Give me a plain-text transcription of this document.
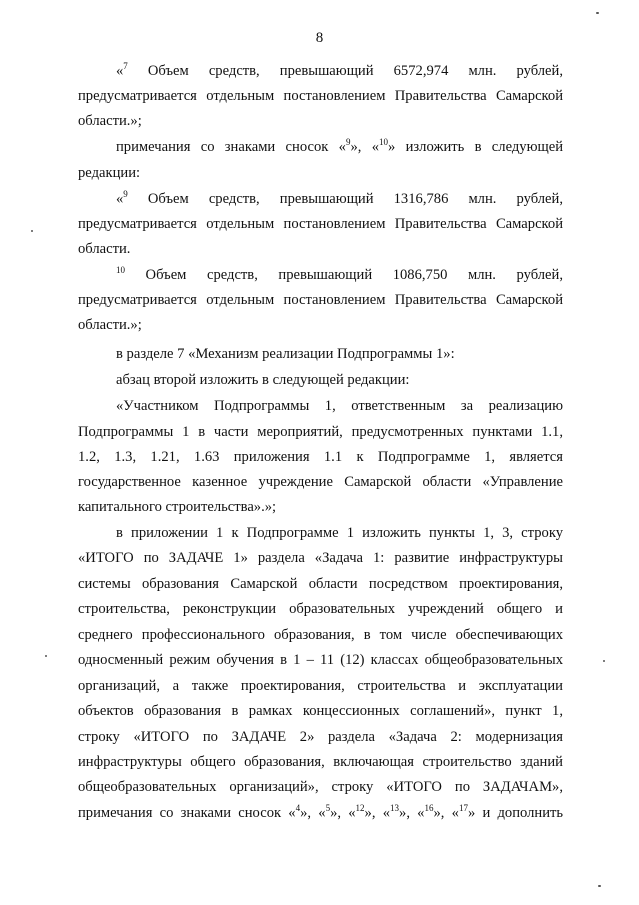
8
«$^7$ Объем средств, превышающий 6572,974 млн. рублей,
предусматривается отдельным постановлением Правительства Самарской
области.»;
примечания со знаками сносок «$^9$», «$^{10}$» изложить в следующей
редакции:
«$^9$ Объем средств, превышающий 1316,786 млн. рублей,
предусматривается отдельным постановлением Правительства Самарской
области.
$^{10}$ Объем средств, превышающий 1086,750 млн. рублей,
предусматривается отдельным постановлением Правительства Самарской
области.»;
в разделе 7 «Механизм реализации Подпрограммы 1»:
абзац второй изложить в следующей редакции:
«Участником Подпрограммы 1, ответственным за реализацию
Подпрограммы 1 в части мероприятий, предусмотренных пунктами 1.1,
1.2, 1.3, 1.21, 1.63 приложения 1.1 к Подпрограмме 1, является
государственное казенное учреждение Самарской области «Управление
капитального строительства».»;
в приложении 1 к Подпрограмме 1 изложить пункты 1, 3, строку
«ИТОГО по ЗАДАЧЕ 1» раздела «Задача 1: развитие инфраструктуры
системы образования Самарской области посредством проектирования,
строительства, реконструкции образовательных учреждений общего и
среднего профессионального образования, в том числе обеспечивающих
односменный режим обучения в 1 – 11 (12) классах общеобразовательных
организаций, а также проектирования, строительства и эксплуатации
объектов образования в рамках концессионных соглашений», пункт 1,
строку «ИТОГО по ЗАДАЧЕ 2» раздела «Задача 2: модернизация
инфраструктуры общего образования, включающая строительство зданий
общеобразовательных организаций», строку «ИТОГО по ЗАДАЧАМ»,
примечания со знаками сносок «$^4$», «$^5$», «$^{12}$», «$^{13}$», «$^{16}$», «$^{17}$» и дополнить
